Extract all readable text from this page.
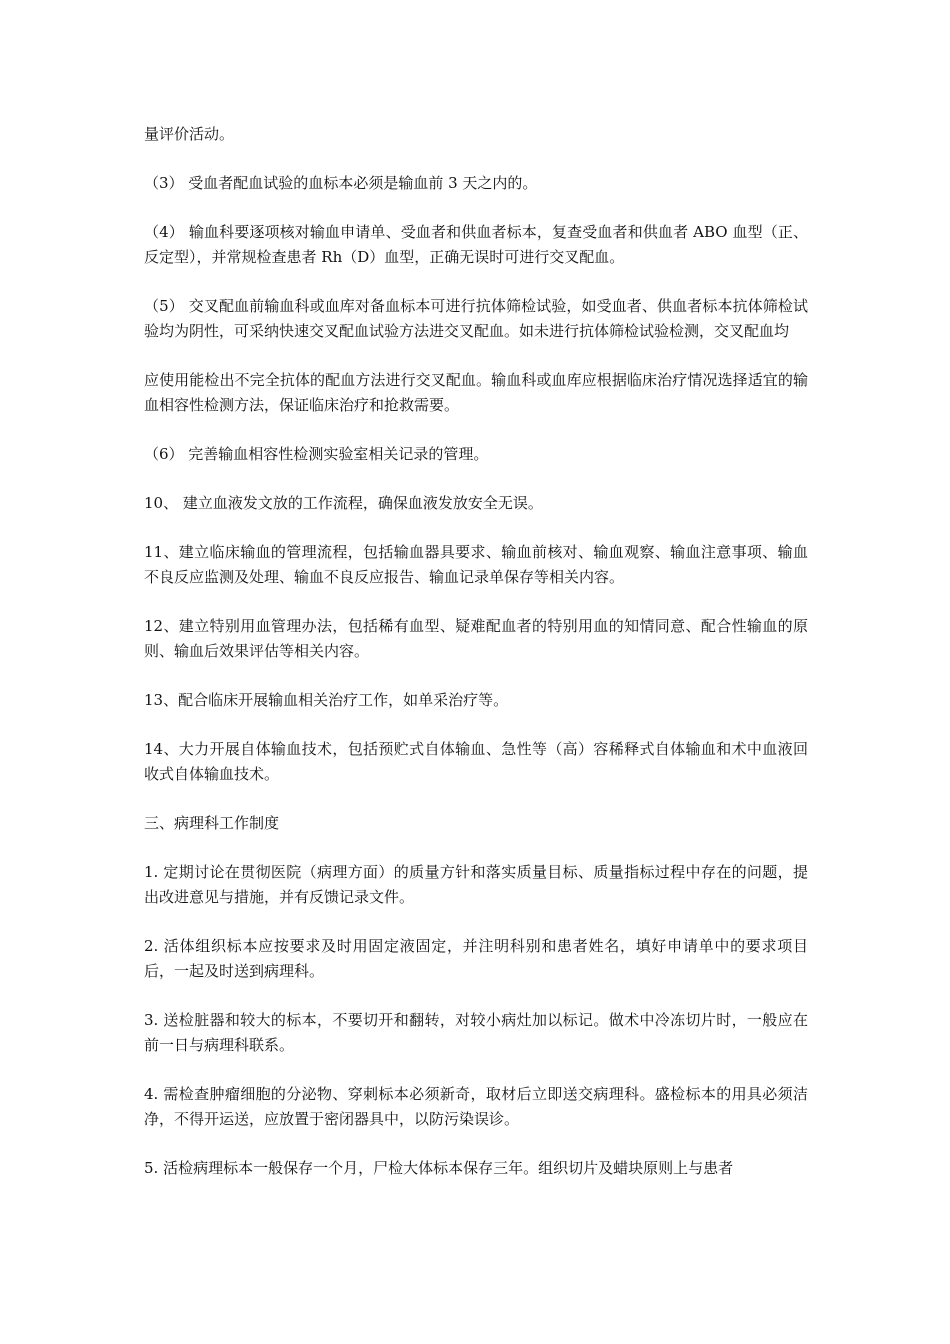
量评价活动。

（3） 受血者配血试验的血标本必须是输血前 3 天之内的。

（4） 输血科要逐项核对输血申请单、受血者和供血者标本，复查受血者和供血者 ABO 血型（正、反定型），并常规检查患者 Rh（D）血型，正确无误时可进行交叉配血。

（5） 交叉配血前输血科或血库对备血标本可进行抗体筛检试验，如受血者、供血者标本抗体筛检试验均为阴性，可采纳快速交叉配血试验方法进交叉配血。如未进行抗体筛检试验检测，交叉配血均

应使用能检出不完全抗体的配血方法进行交叉配血。输血科或血库应根据临床治疗情况选择适宜的输血相容性检测方法，保证临床治疗和抢救需要。

（6） 完善输血相容性检测实验室相关记录的管理。

10、 建立血液发文放的工作流程，确保血液发放安全无误。

11、建立临床输血的管理流程，包括输血器具要求、输血前核对、输血观察、输血注意事项、输血不良反应监测及处理、输血不良反应报告、输血记录单保存等相关内容。

12、建立特别用血管理办法，包括稀有血型、疑难配血者的特别用血的知情同意、配合性输血的原则、输血后效果评估等相关内容。

13、配合临床开展输血相关治疗工作，如单采治疗等。

14、大力开展自体输血技术，包括预贮式自体输血、急性等（高）容稀释式自体输血和术中血液回收式自体输血技术。

三、病理科工作制度

1. 定期讨论在贯彻医院（病理方面）的质量方针和落实质量目标、质量指标过程中存在的问题，提出改进意见与措施，并有反馈记录文件。

2. 活体组织标本应按要求及时用固定液固定，并注明科别和患者姓名，填好申请单中的要求项目后，一起及时送到病理科。

3. 送检脏器和较大的标本，不要切开和翻转，对较小病灶加以标记。做术中冷冻切片时，一般应在前一日与病理科联系。

4. 需检查肿瘤细胞的分泌物、穿刺标本必须新奇，取材后立即送交病理科。盛检标本的用具必须洁净，不得开运送，应放置于密闭器具中，以防污染误诊。

5. 活检病理标本一般保存一个月，尸检大体标本保存三年。组织切片及蜡块原则上与患者
